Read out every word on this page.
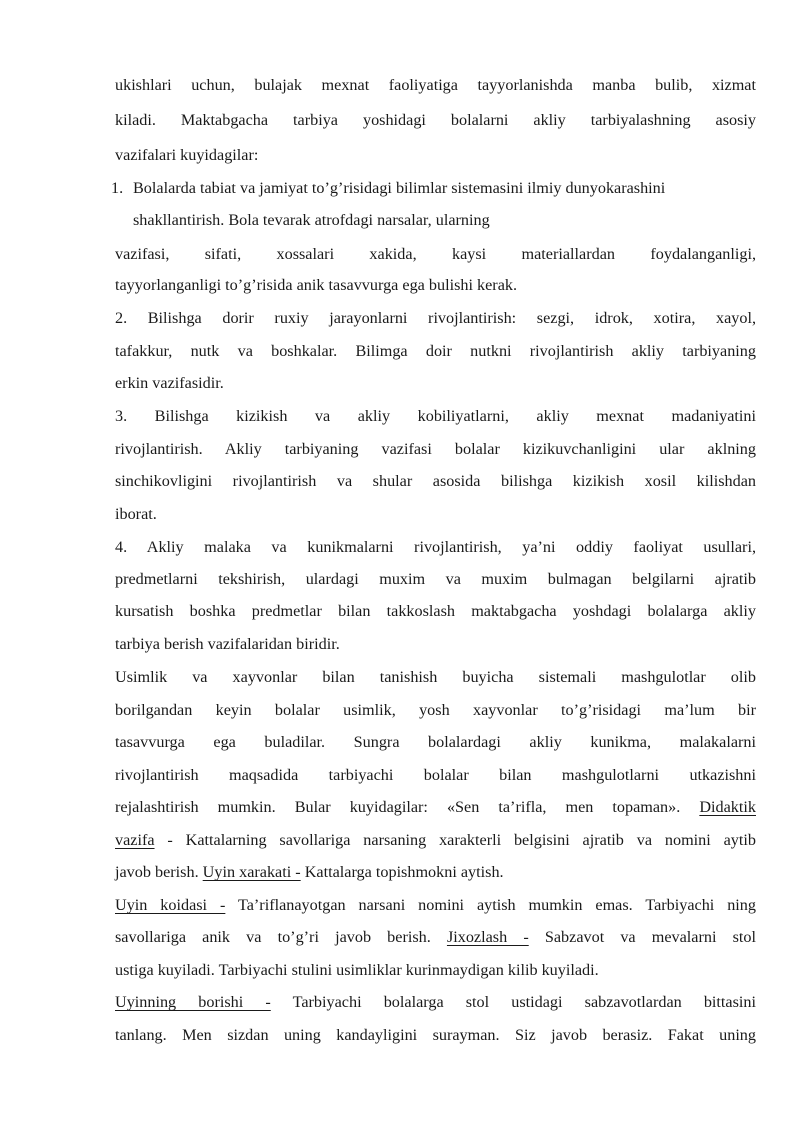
ukishlari uchun, bulajak mexnat faoliyatiga tayyorlanishda manba bulib, xizmat
kiladi. Maktabgacha tarbiya yoshidagi bolalarni akliy tarbiyalashning asosiy
vazifalari kuyidagilar:
1. Bolalarda tabiat va jamiyat to’g’risidagi bilimlar sistemasini ilmiy dunyokarashini
shakllantirish. Bola tevarak atrofdagi narsalar, ularning
vazifasi, sifati, xossalari xakida, kaysi materiallardan foydalanganligi,
tayyorlanganligi to’g’risida anik tasavvurga ega bulishi kerak.
2. Bilishga dorir ruxiy jarayonlarni rivojlantirish: sezgi, idrok, xotira, xayol,
tafakkur, nutk va boshkalar. Bilimga doir nutkni rivojlantirish akliy tarbiyaning
erkin vazifasidir.
3. Bilishga kizikish va akliy kobiliyatlarni, akliy mexnat madaniyatini
rivojlantirish. Akliy tarbiyaning vazifasi bolalar kizikuvchanligini ular aklning
sinchikovligini rivojlantirish va shular asosida bilishga kizikish xosil kilishdan
iborat.
4. Akliy malaka va kunikmalarni rivojlantirish, ya’ni oddiy faoliyat usullari,
predmetlarni tekshirish, ulardagi muxim va muxim bulmagan belgilarni ajratib
kursatish boshka predmetlar bilan takkoslash maktabgacha yoshdagi bolalarga akliy
tarbiya berish vazifalaridan biridir.
Usimlik va xayvonlar bilan tanishish buyicha sistemali mashgulotlar olib
borilgandan keyin bolalar usimlik, yosh xayvonlar to’g’risidagi ma’lum bir
tasavvurga ega buladilar. Sungra bolalardagi akliy kunikma, malakalarni
rivojlantirish maqsadida tarbiyachi bolalar bilan mashgulotlarni utkazishni
rejalashtirish mumkin. Bular kuyidagilar: «Sen ta’rifla, men topaman». Didaktik
vazifa - Kattalarning savollariga narsaning xarakterli belgisini ajratib va nomini aytib
javob berish. Uyin xarakati - Kattalarga topishmokni aytish.
Uyin koidasi - Ta’riflanayotgan narsani nomini aytish mumkin emas. Tarbiyachi ning
savollariga anik va to’g’ri javob berish. Jixozlash - Sabzavot va mevalarni stol
ustiga kuyiladi. Tarbiyachi stulini usimliklar kurinmaydigan kilib kuyiladi.
Uyinning borishi - Tarbiyachi bolalarga stol ustidagi sabzavotlardan bittasini
tanlang. Men sizdan uning kandayligini surayman. Siz javob berasiz. Fakat uning
